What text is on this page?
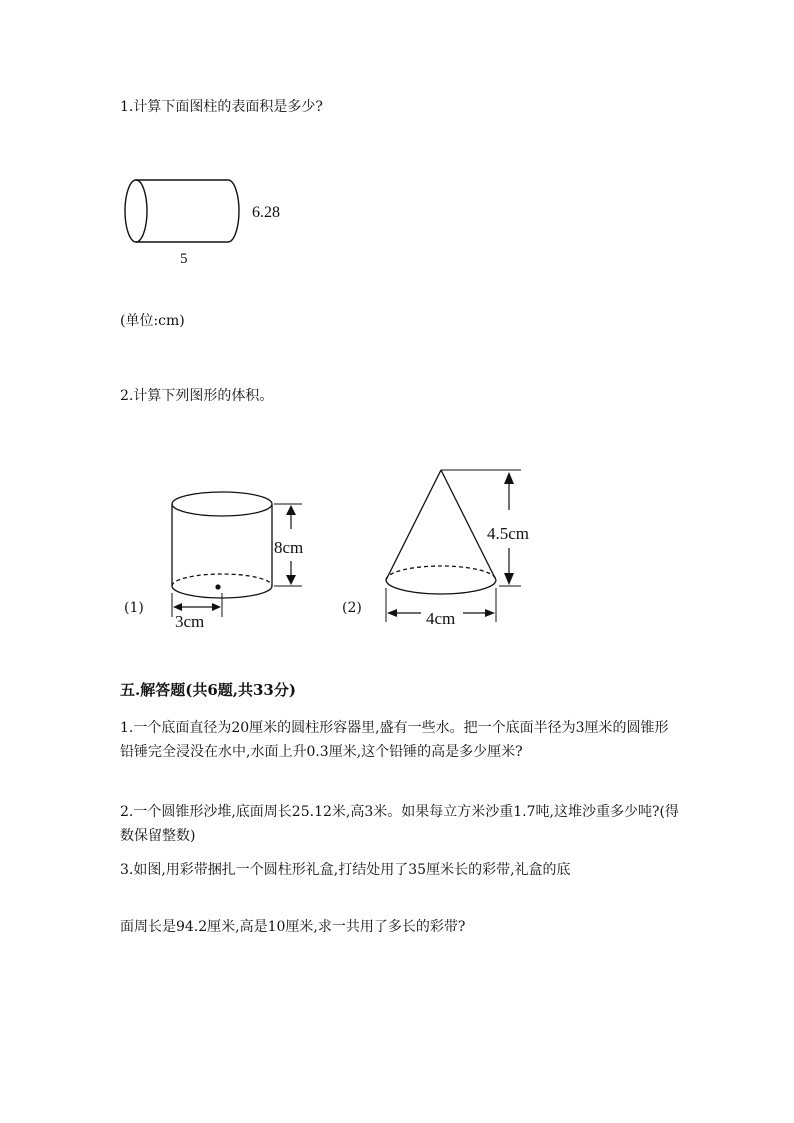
1.计算下面图柱的表面积是多少?
6.28
5
(单位:cm)
2.计算下列图形的体积。
(1)
8cm
3cm
(2)
4.5cm
4cm
五.解答题(共6题,共33分)
1.一个底面直径为20厘米的圆柱形容器里,盛有一些水。把一个底面半径为3厘米的圆锥形铅锤完全浸没在水中,水面上升0.3厘米,这个铅锤的高是多少厘米?
2.一个圆锥形沙堆,底面周长25.12米,高3米。如果每立方米沙重1.7吨,这堆沙重多少吨?(得数保留整数)
3.如图,用彩带捆扎一个圆柱形礼盒,打结处用了35厘米长的彩带,礼盒的底
面周长是94.2厘米,高是10厘米,求一共用了多长的彩带?
